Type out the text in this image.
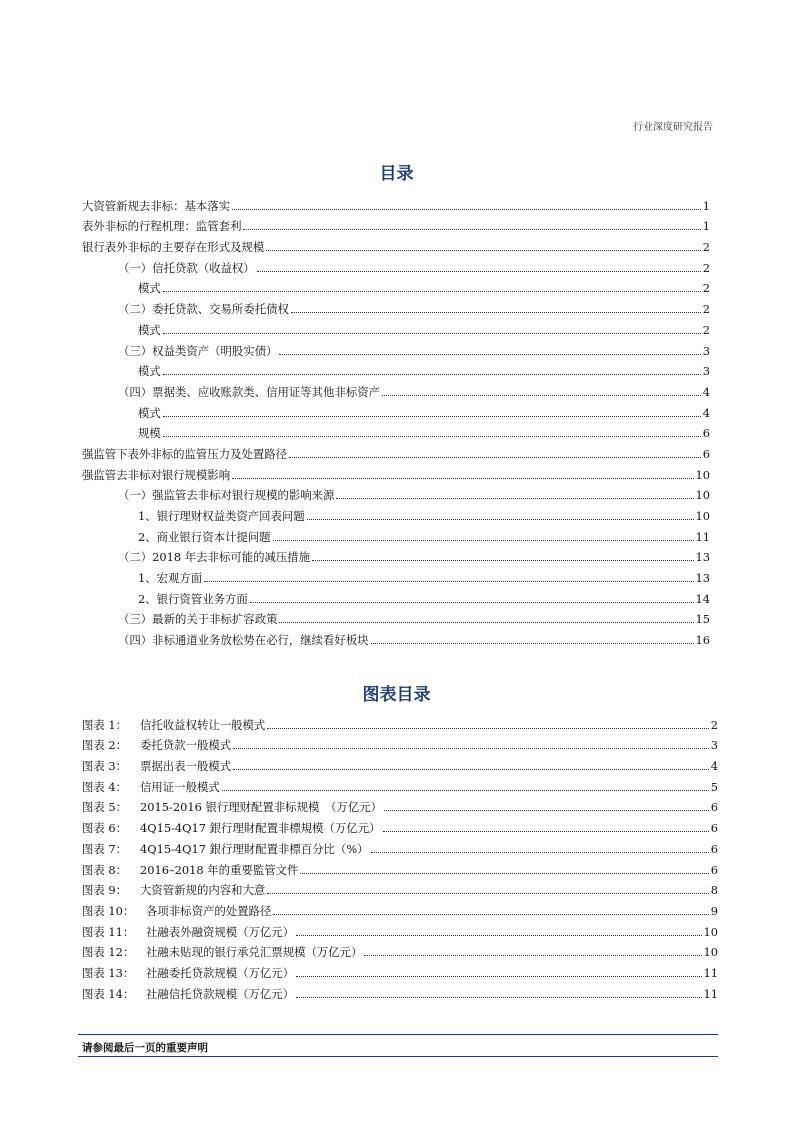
行业深度研究报告
目录
大资管新规去非标：基本落实	1
表外非标的行程机理：监管套利	1
银行表外非标的主要存在形式及规模	2
（一）信托贷款（收益权）	2
模式	2
（二）委托贷款、交易所委托债权	2
模式	2
（三）权益类资产（明股实债）	3
模式	3
（四）票据类、应收账款类、信用证等其他非标资产	4
模式	4
规模	6
强监管下表外非标的监管压力及处置路径	6
强监管去非标对银行规模影响	10
（一）强监管去非标对银行规模的影响来源	10
1、银行理财权益类资产回表问题	10
2、商业银行资本计提问题	11
（二）2018 年去非标可能的减压措施	13
1、宏观方面	13
2、银行资管业务方面	14
（三）最新的关于非标扩容政策	15
（四）非标通道业务放松势在必行，继续看好板块	16
图表目录
图表 1： 信托收益权转让一般模式	2
图表 2： 委托贷款一般模式	3
图表 3： 票据出表一般模式	4
图表 4： 信用证一般模式	5
图表 5： 2015-2016 银行理财配置非标规模　（万亿元）	6
图表 6： 4Q15-4Q17 銀行理財配置非標規模（万亿元）	6
图表 7： 4Q15-4Q17 銀行理財配置非標百分比（%）	6
图表 8： 2016–2018 年的重要監管文件	6
图表 9： 大资管新规的内容和大意	8
图表 10： 各项非标资产的处置路径	9
图表 11： 社融表外融资规模（万亿元）	10
图表 12： 社融未贴现的银行承兑汇票规模（万亿元）	10
图表 13： 社融委托贷款规模（万亿元）	11
图表 14： 社融信托贷款规模（万亿元）	11
请参阅最后一页的重要声明
